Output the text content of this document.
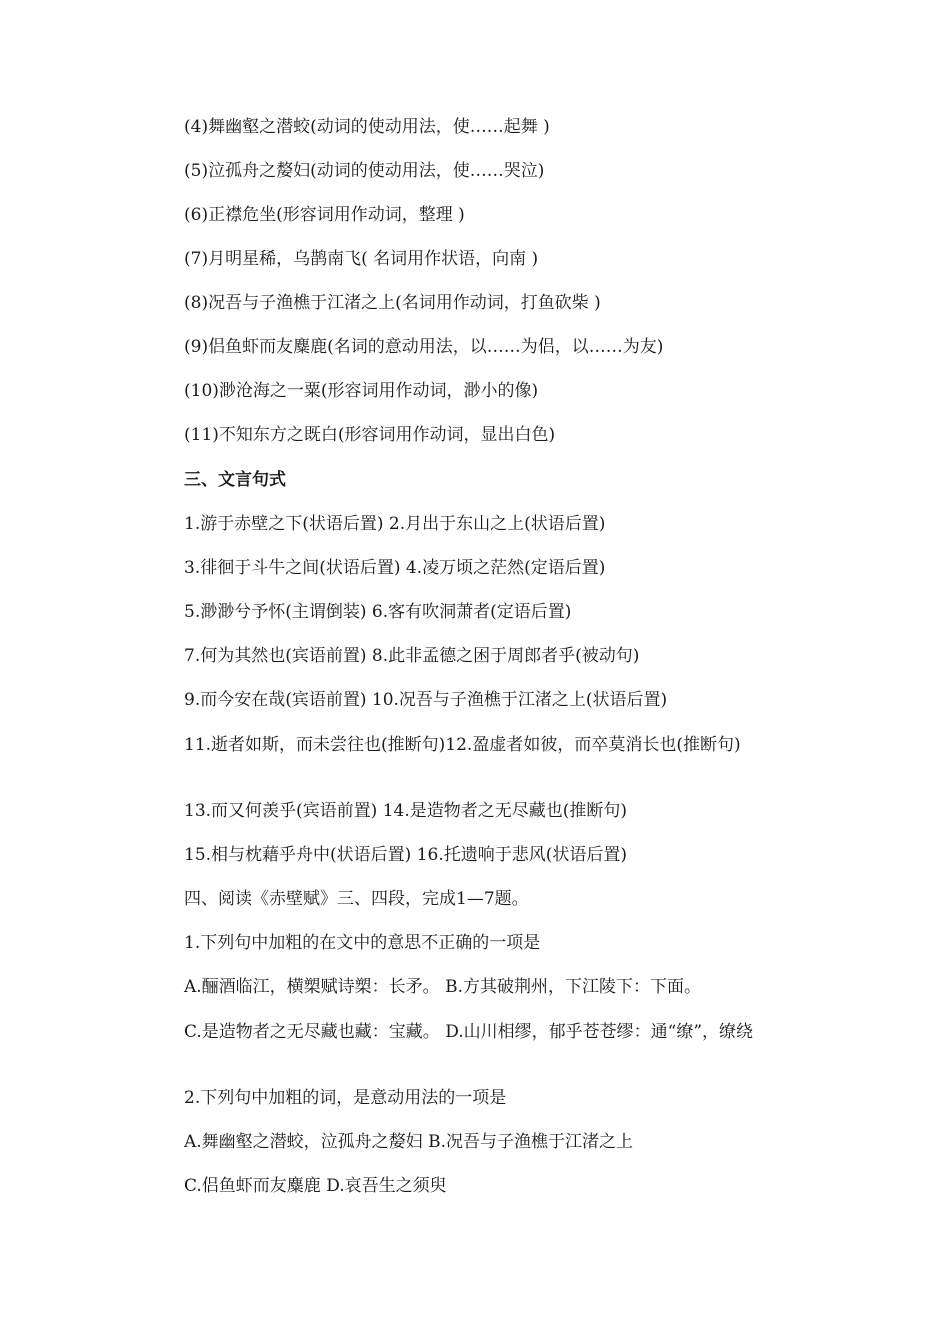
(4)舞幽壑之潜蛟(动词的使动用法，使……起舞 )
(5)泣孤舟之嫠妇(动词的使动用法，使……哭泣)
(6)正襟危坐(形容词用作动词，整理 )
(7)月明星稀，乌鹊南飞( 名词用作状语，向南 )
(8)况吾与子渔樵于江渚之上(名词用作动词，打鱼砍柴 )
(9)侣鱼虾而友麋鹿(名词的意动用法，以……为侣，以……为友)
(10)渺沧海之一粟(形容词用作动词，渺小的像)
(11)不知东方之既白(形容词用作动词，显出白色)
三、文言句式
1.游于赤壁之下(状语后置) 2.月出于东山之上(状语后置)
3.徘徊于斗牛之间(状语后置) 4.凌万顷之茫然(定语后置)
5.渺渺兮予怀(主谓倒装) 6.客有吹洞萧者(定语后置)
7.何为其然也(宾语前置) 8.此非孟德之困于周郎者乎(被动句)
9.而今安在哉(宾语前置) 10.况吾与子渔樵于江渚之上(状语后置)
11.逝者如斯，而未尝往也(推断句)12.盈虚者如彼，而卒莫消长也(推断句)
13.而又何羡乎(宾语前置) 14.是造物者之无尽藏也(推断句)
15.相与枕藉乎舟中(状语后置) 16.托遗响于悲风(状语后置)
四、阅读《赤壁赋》三、四段，完成1—7题。
1.下列句中加粗的在文中的意思不正确的一项是
A.酾酒临江，横槊赋诗槊：长矛。 B.方其破荆州，下江陵下：下面。
C.是造物者之无尽藏也藏：宝藏。 D.山川相缪，郁乎苍苍缪：通“缭”，缭绕
2.下列句中加粗的词，是意动用法的一项是
A.舞幽壑之潜蛟，泣孤舟之嫠妇 B.况吾与子渔樵于江渚之上
C.侣鱼虾而友麋鹿 D.哀吾生之须臾
